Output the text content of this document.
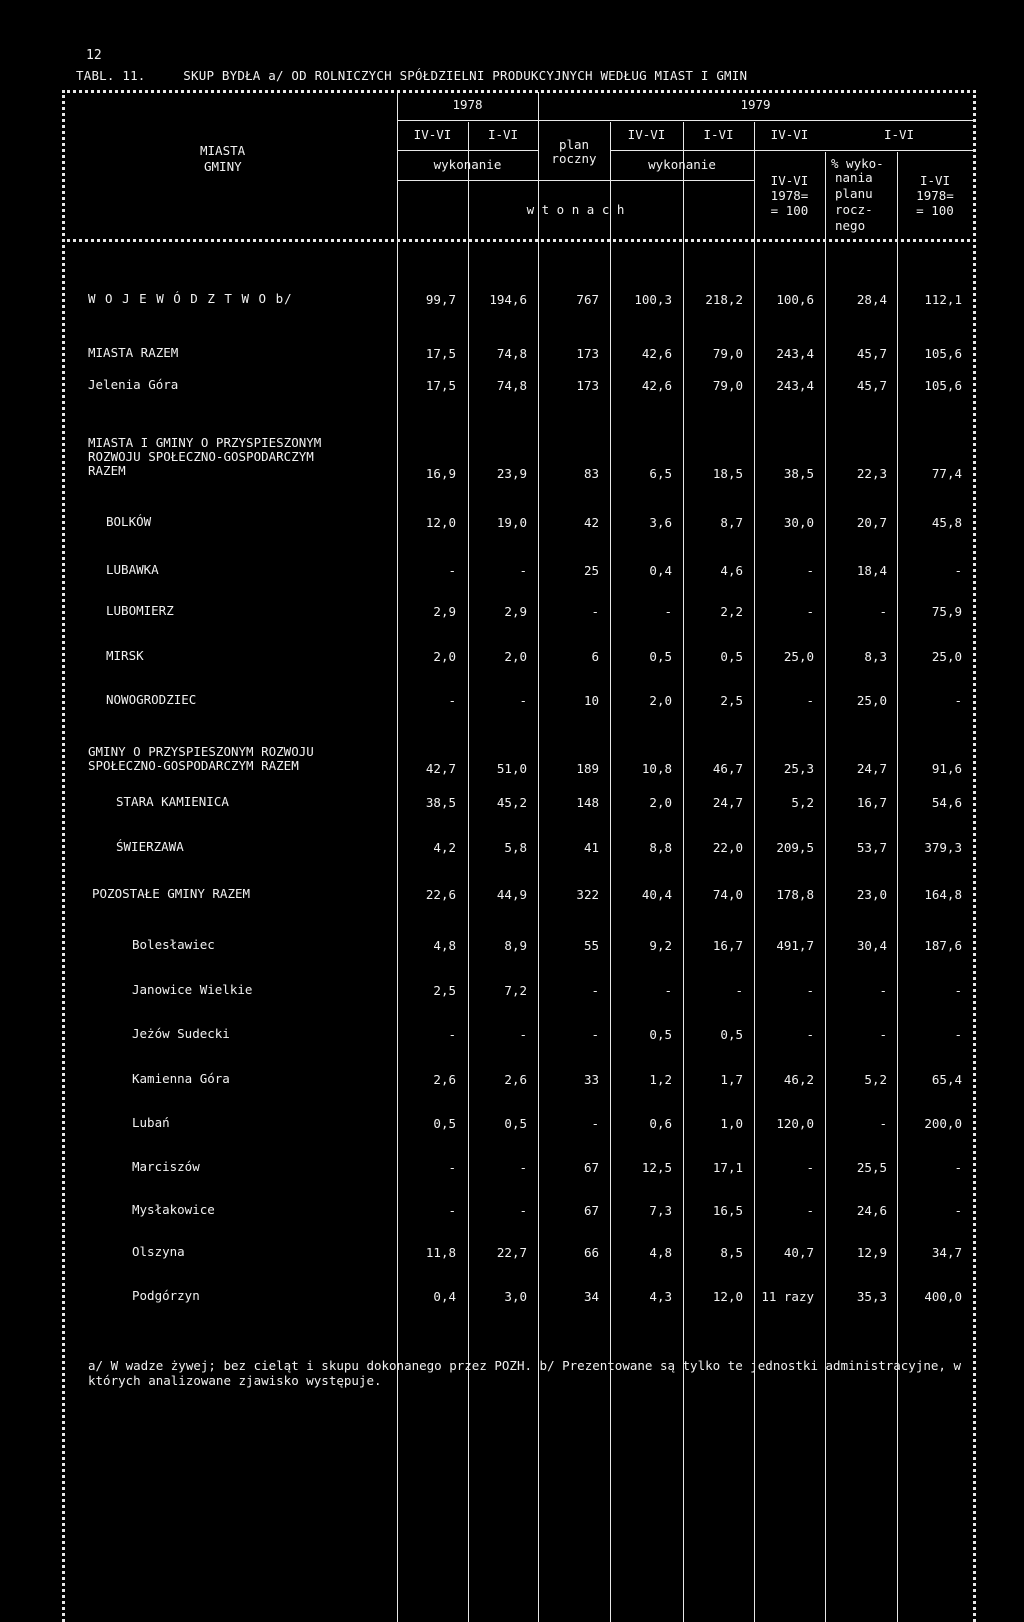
12
TABL. 11.	SKUP BYDŁA a/ OD ROLNICZYCH SPÓŁDZIELNI PRODUKCYJNYCH WEDŁUG MIAST I GMIN
MIASTA
GMINY
1978	1979
IV-VI	I-VI
plan
roczny
IV-VI	I-VI	IV-VI	I-VI
wykonanie	wykonanie
w t o n a c h
IV-VI
1978=
= 100
% wyko-
nania
planu
rocz-
nego
I-VI
1978=
= 100
W O J E W Ó D Z T W O b/	99,7	194,6	767	100,3	218,2	100,6	28,4	112,1
MIASTA RAZEM	17,5	74,8	173	42,6	79,0	243,4	45,7	105,6
Jelenia Góra	17,5	74,8	173	42,6	79,0	243,4	45,7	105,6
MIASTA I GMINY O PRZYSPIESZONYM
ROZWOJU SPOŁECZNO-GOSPODARCZYM
RAZEM	16,9	23,9	83	6,5	18,5	38,5	22,3	77,4
BOLKÓW	12,0	19,0	42	3,6	8,7	30,0	20,7	45,8
LUBAWKA	-	-	25	0,4	4,6	-	18,4	-
LUBOMIERZ	2,9	2,9	-	-	2,2	-	-	75,9
MIRSK	2,0	2,0	6	0,5	0,5	25,0	8,3	25,0
NOWOGRODZIEC	-	-	10	2,0	2,5	-	25,0	-
GMINY O PRZYSPIESZONYM ROZWOJU
SPOŁECZNO-GOSPODARCZYM RAZEM	42,7	51,0	189	10,8	46,7	25,3	24,7	91,6
STARA KAMIENICA	38,5	45,2	148	2,0	24,7	5,2	16,7	54,6
ŚWIERZAWA	4,2	5,8	41	8,8	22,0	209,5	53,7	379,3
POZOSTAŁE GMINY RAZEM	22,6	44,9	322	40,4	74,0	178,8	23,0	164,8
Bolesławiec	4,8	8,9	55	9,2	16,7	491,7	30,4	187,6
Janowice Wielkie	2,5	7,2	-	-	-	-	-	-
Jeżów Sudecki	-	-	-	0,5	0,5	-	-	-
Kamienna Góra	2,6	2,6	33	1,2	1,7	46,2	5,2	65,4
Lubań	0,5	0,5	-	0,6	1,0	120,0	-	200,0
Marciszów	-	-	67	12,5	17,1	-	25,5	-
Mysłakowice	-	-	67	7,3	16,5	-	24,6	-
Olszyna	11,8	22,7	66	4,8	8,5	40,7	12,9	34,7
Podgórzyn	0,4	3,0	34	4,3	12,0	11 razy	35,3	400,0
a/ W wadze żywej; bez cieląt i skupu dokonanego przez POZH. b/ Prezentowane są tylko te jednostki administracyjne, w których analizowane zjawisko występuje.
